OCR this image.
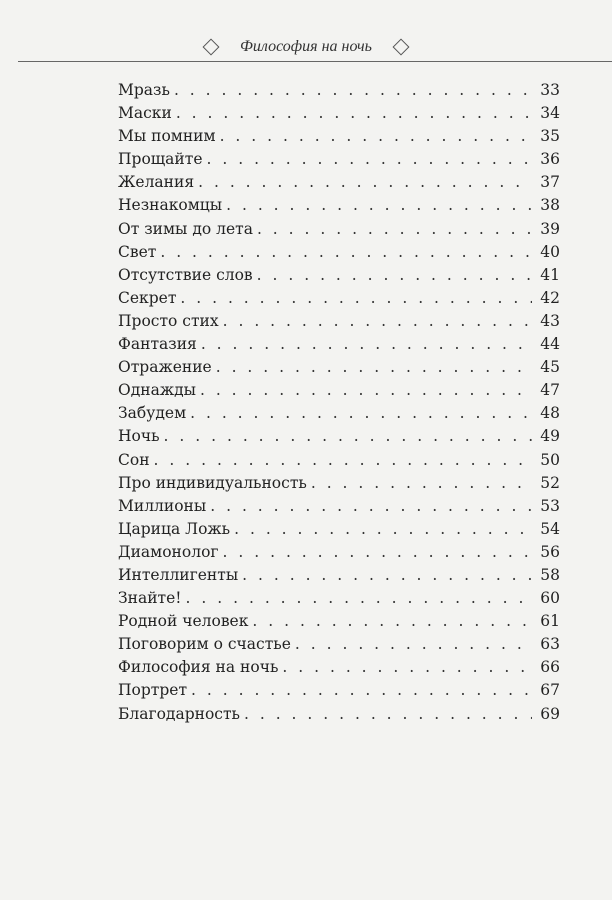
Философия на ночь
Мразь . . .	33
Маски . . .	34
Мы помним . . .	35
Прощайте . . .	36
Желания . . .	37
Незнакомцы . . .	38
От зимы до лета . . .	39
Свет . . .	40
Отсутствие слов . . .	41
Секрет . . .	42
Просто стих . . .	43
Фантазия . . .	44
Отражение . . .	45
Однажды . . .	47
Забудем . . .	48
Ночь . . .	49
Сон . . .	50
Про индивидуальность . . .	52
Миллионы . . .	53
Царица Ложь . . .	54
Диамонолог . . .	56
Интеллигенты . . .	58
Знайте! . . .	60
Родной человек . . .	61
Поговорим о счастье . . .	63
Философия на ночь . . .	66
Портрет . . .	67
Благодарность . . .	69
